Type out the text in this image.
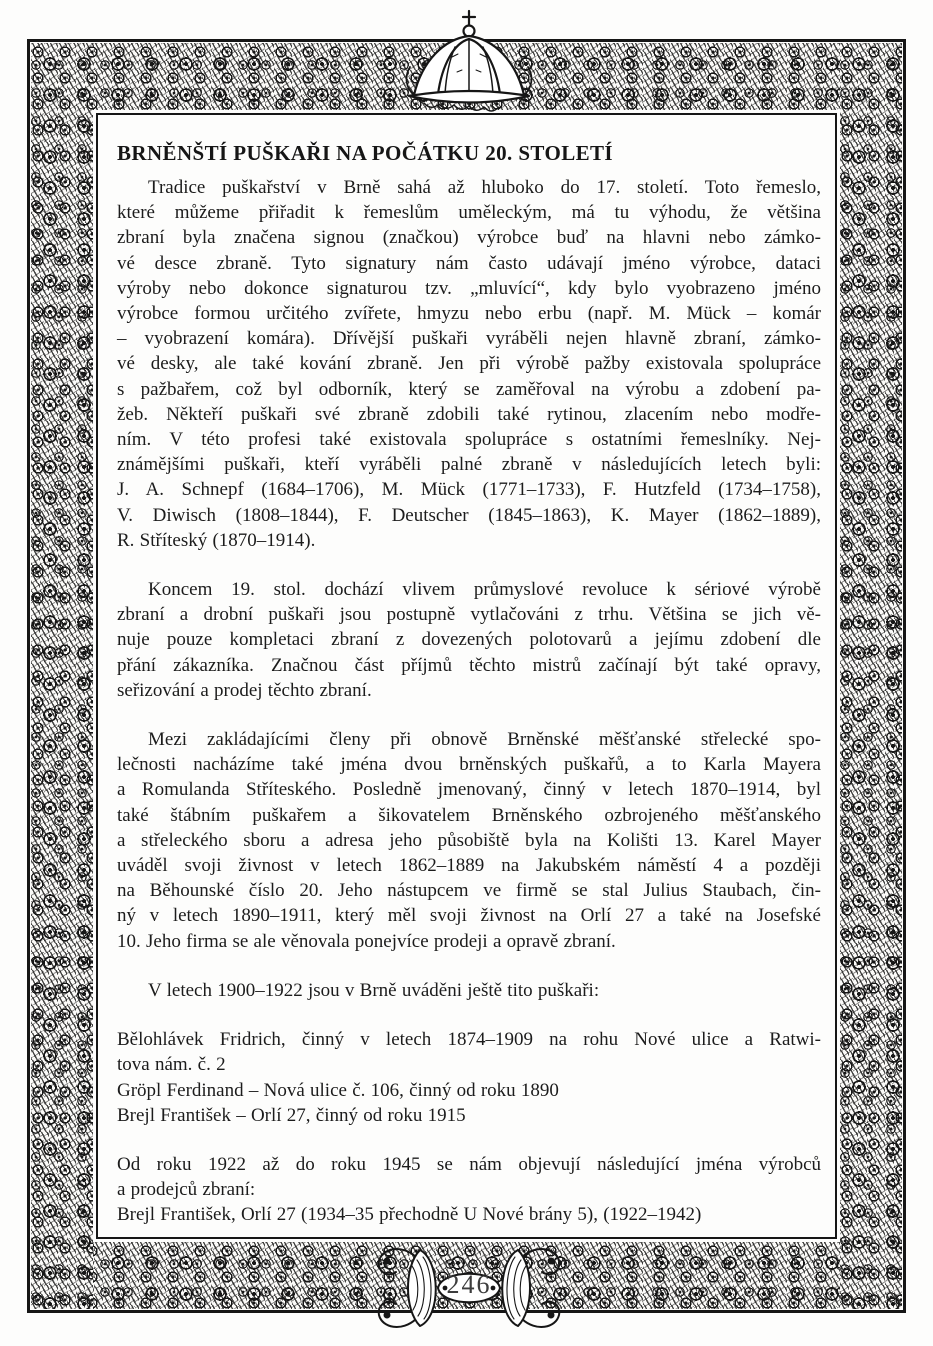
246
BRNĚNŠTÍ PUŠKAŘI NA POČÁTKU 20. STOLETÍ
Tradice puškařství v Brně sahá až hluboko do 17. století. Toto řemeslo,
které můžeme přiřadit k řemeslům uměleckým, má tu výhodu, že většina
zbraní byla značena signou (značkou) výrobce buď na hlavni nebo zámko-
vé desce zbraně. Tyto signatury nám často udávají jméno výrobce, dataci
výroby nebo dokonce signaturou tzv. „mluvící“, kdy bylo vyobrazeno jméno
výrobce formou určitého zvířete, hmyzu nebo erbu (např. M. Mück – komár
– vyobrazení komára). Dřívější puškaři vyráběli nejen hlavně zbraní, zámko-
vé desky, ale také kování zbraně. Jen při výrobě pažby existovala spolupráce
s pažbařem, což byl odborník, který se zaměřoval na výrobu a zdobení pa-
žeb. Někteří puškaři své zbraně zdobili také rytinou, zlacením nebo modře-
ním. V této profesi také existovala spolupráce s ostatními řemeslníky. Nej-
známějšími puškaři, kteří vyráběli palné zbraně v následujících letech byli:
J. A. Schnepf (1684–1706), M. Mück (1771–1733), F. Hutzfeld (1734–1758),
V. Diwisch (1808–1844), F. Deutscher (1845–1863), K. Mayer (1862–1889),
R. Stříteský (1870–1914).
Koncem 19. stol. dochází vlivem průmyslové revoluce k sériové výrobě
zbraní a drobní puškaři jsou postupně vytlačováni z trhu. Většina se jich vě-
nuje pouze kompletaci zbraní z dovezených polotovarů a jejímu zdobení dle
přání zákazníka. Značnou část příjmů těchto mistrů začínají být také opravy,
seřizování a prodej těchto zbraní.
Mezi zakládajícími členy při obnově Brněnské měšťanské střelecké spo-
lečnosti nacházíme také jména dvou brněnských puškařů, a to Karla Mayera
a Romulanda Stříteského. Posledně jmenovaný, činný v letech 1870–1914, byl
také štábním puškařem a šikovatelem Brněnského ozbrojeného měšťanského
a střeleckého sboru a adresa jeho působiště byla na Kolišti 13. Karel Mayer
uváděl svoji živnost v letech 1862–1889 na Jakubském náměstí 4 a později
na Běhounské číslo 20. Jeho nástupcem ve firmě se stal Julius Staubach, čin-
ný v letech 1890–1911, který měl svoji živnost na Orlí 27 a také na Josefské
10. Jeho firma se ale věnovala ponejvíce prodeji a opravě zbraní.
V letech 1900–1922 jsou v Brně uváděni ještě tito puškaři:
Bělohlávek Fridrich, činný v letech 1874–1909 na rohu Nové ulice a Ratwi-
tova nám. č. 2
Gröpl Ferdinand – Nová ulice č. 106, činný od roku 1890
Brejl František – Orlí 27, činný od roku 1915
Od roku 1922 až do roku 1945 se nám objevují následující jména výrobců
a prodejců zbraní:
Brejl František, Orlí 27 (1934–35 přechodně U Nové brány 5), (1922–1942)
